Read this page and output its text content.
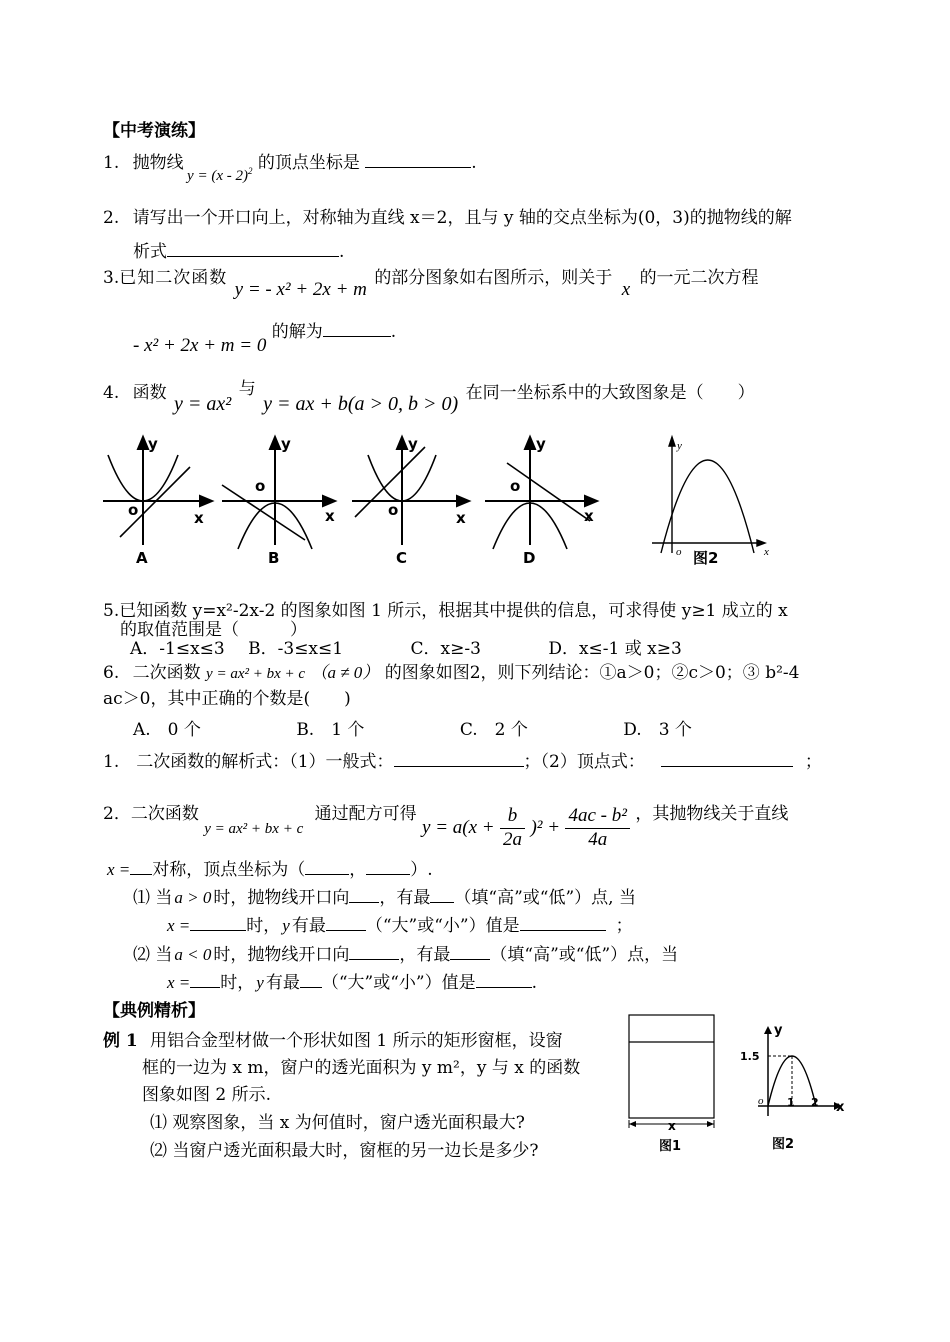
【中考演练】
1. 抛物线 y = (x - 2)$^2$ 的顶点坐标是	.
2. 请写出一个开口向上，对称轴为直线 x＝2，且与 y 轴的交点坐标为(0，3)的抛物线的解
析式	.
3.已知二次函数 y = - x² + 2x + m 的部分图象如右图所示，则关于 x 的一元二次方程
- x² + 2x + m = 0 的解为	.
4. 函数 y = ax² 与 y = ax + b(a > 0, b > 0) 在同一坐标系中的大致图象是（　　）
y
o	x
A
y
o
x
B
y
o	x
C
y
o
x
D
y
o	x
图2
5.已知函数 y=x²-2x-2 的图象如图 1 所示，根据其中提供的信息，可求得使 y≥1 成立的 x
的取值范围是（　　　）
A．-1≤x≤3 B．-3≤x≤1	C．x≥-3	D．x≤-1 或 x≥3
6. 二次函数 y = ax² + bx + c （a ≠ 0） 的图象如图2，则下列结论：①a＞0；②c＞0；③ b²-4
ac＞0，其中正确的个数是(　　)
A.　0 个	B.　1 个	C.　2 个	D.　3 个
1.　二次函数的解析式：（1）一般式：	；（2）顶点式：	；
2．二次函数 y = ax² + bx + c 通过配方可得 $y = a(x + \frac{b}{2a} )^2 + \frac{\text{4ac - b²}}{4a}$ ，其抛物线关于直线
x = 对称，顶点坐标为（	，	）.
⑴ 当 a > 0 时，抛物线开口向 ，有最 （填“高”或“低”）点, 当
x =	时， y 有最 （“大”或“小”）值是	；
⑵ 当 a < 0 时，抛物线开口向	，有最 （填“高”或“低”）点，当
x = 时， y 有最 （“大”或“小”）值是	.
【典例精析】
例 1 用铝合金型材做一个形状如图 1 所示的矩形窗框，设窗
框的一边为 x m，窗户的透光面积为 y m²，y 与 x 的函数
图象如图 2 所示.
⑴ 观察图象，当 x 为何值时，窗户透光面积最大?
⑵ 当窗户透光面积最大时，窗框的另一边长是多少?
x
图1
y
1.5
o 1 2 x
图2
